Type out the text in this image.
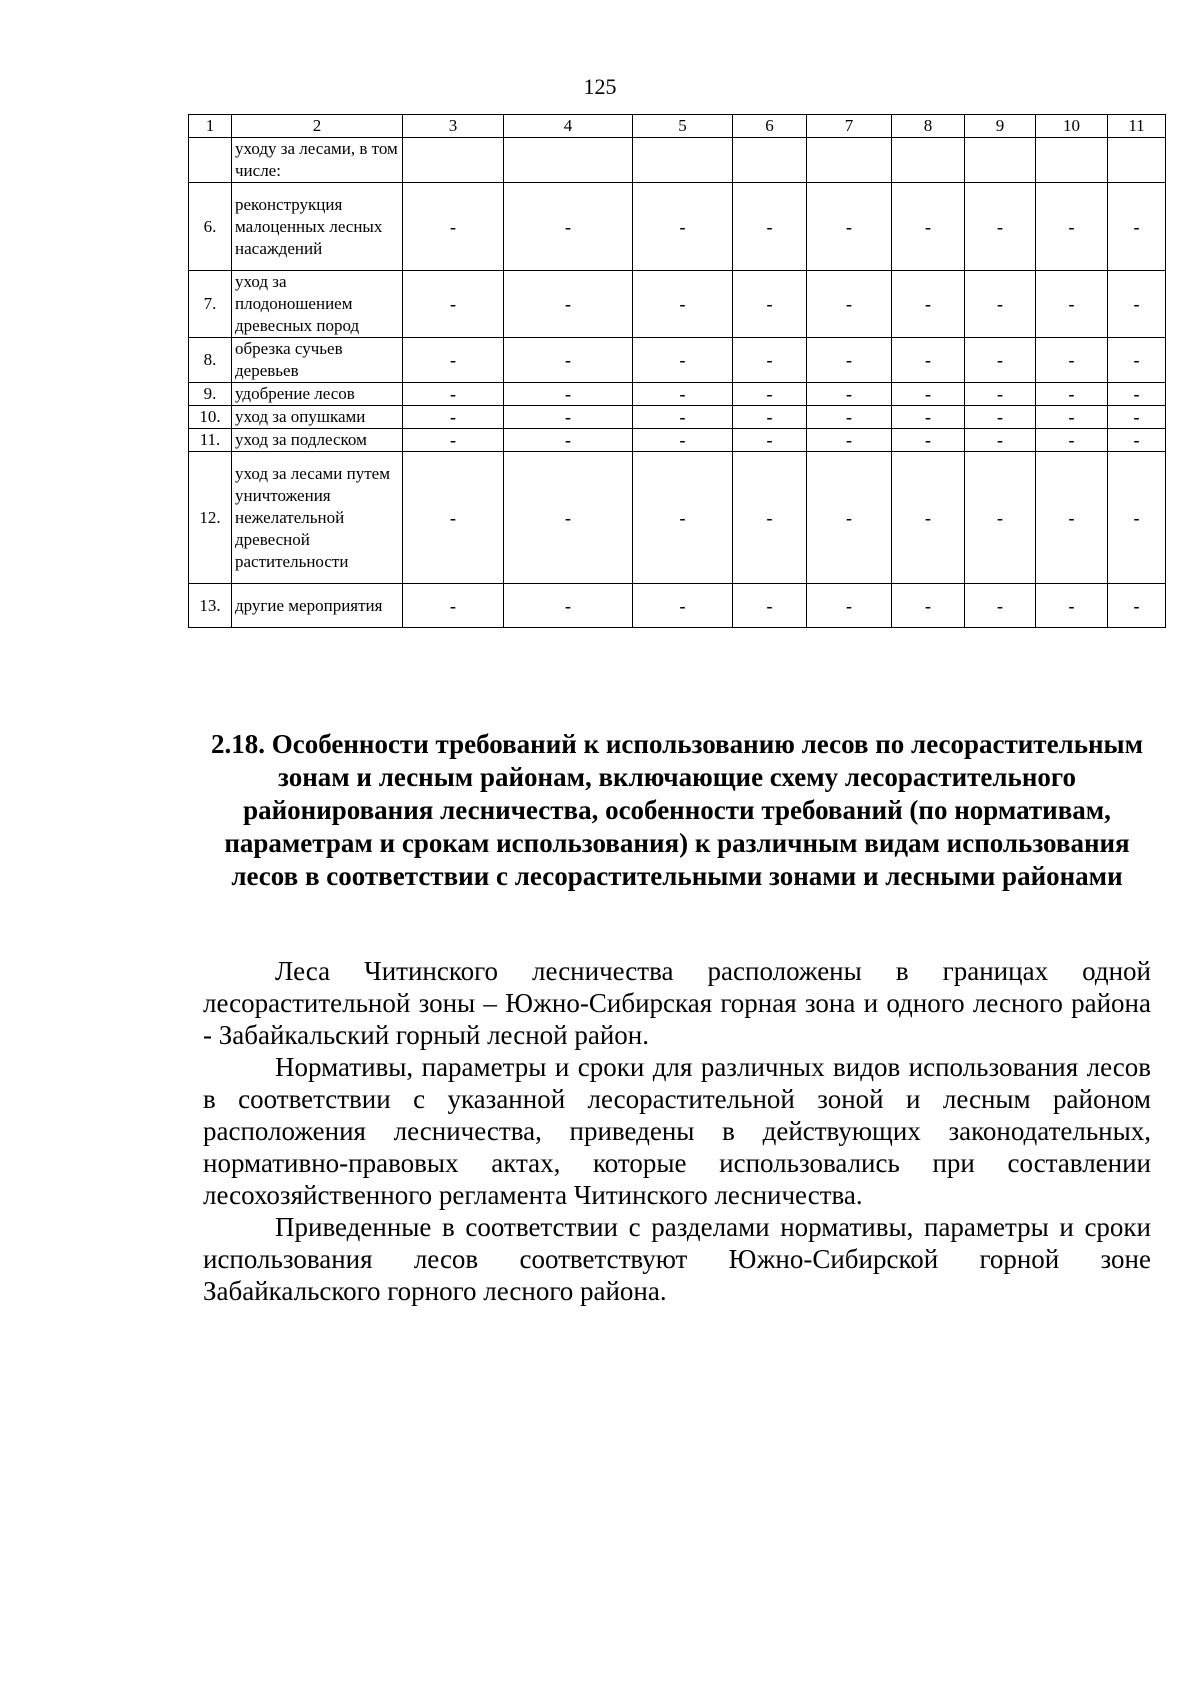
125
1	2	3	4	5	6	7	8	9	10	11
	уходу за лесами, в том числе:									
6.	реконструкция малоценных лесных насаждений	-	-	-	-	-	-	-	-	-
7.	уход за плодоношением древесных пород	-	-	-	-	-	-	-	-	-
8.	обрезка сучьев деревьев	-	-	-	-	-	-	-	-	-
9.	удобрение лесов	-	-	-	-	-	-	-	-	-
10.	уход за опушками	-	-	-	-	-	-	-	-	-
11.	уход за подлеском	-	-	-	-	-	-	-	-	-
12.	уход за лесами путем уничтожения нежелательной древесной растительности	-	-	-	-	-	-	-	-	-
13.	другие мероприятия	-	-	-	-	-	-	-	-	-
2.18. Особенности требований к использованию лесов по лесорастительным зонам и лесным районам, включающие схему лесорастительного районирования лесничества, особенности требований (по нормативам, параметрам и срокам использования) к различным видам использования лесов в соответствии с лесорастительными зонами и лесными районами

Леса Читинского лесничества расположены в границах одной лесорастительной зоны – Южно-Сибирская горная зона и одного лесного района - Забайкальский горный лесной район.

Нормативы, параметры и сроки для различных видов использования лесов в соответствии с указанной лесорастительной зоной и лесным районом расположения лесничества, приведены в действующих законодательных, нормативно-правовых актах, которые использовались при составлении лесохозяйственного регламента Читинского лесничества.

Приведенные в соответствии с разделами нормативы, параметры и сроки использования лесов соответствуют Южно-Сибирской горной зоне Забайкальского горного лесного района.
